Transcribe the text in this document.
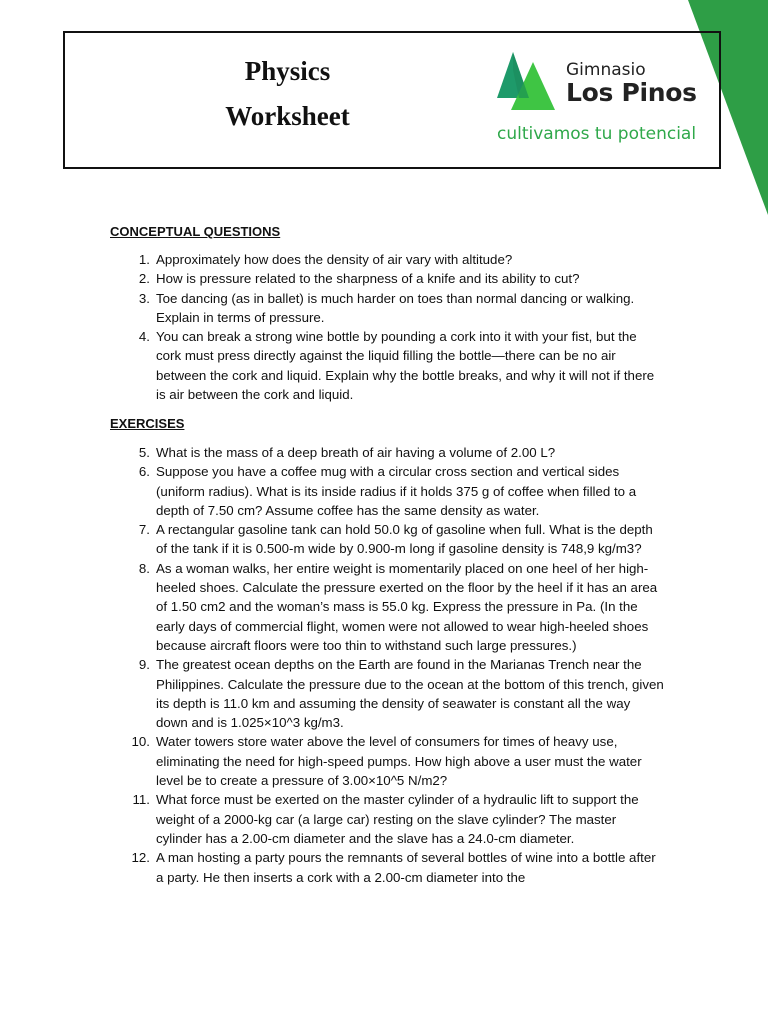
Physics
Worksheet
Gimnasio
Los Pinos
cultivamos tu potencial
CONCEPTUAL QUESTIONS
1. Approximately how does the density of air vary with altitude?
2. How is pressure related to the sharpness of a knife and its ability to cut?
3. Toe dancing (as in ballet) is much harder on toes than normal dancing or walking. Explain in terms of pressure.
4. You can break a strong wine bottle by pounding a cork into it with your fist, but the cork must press directly against the liquid filling the bottle—there can be no air between the cork and liquid. Explain why the bottle breaks, and why it will not if there is air between the cork and liquid.
EXERCISES
5. What is the mass of a deep breath of air having a volume of 2.00 L?
6. Suppose you have a coffee mug with a circular cross section and vertical sides (uniform radius). What is its inside radius if it holds 375 g of coffee when filled to a depth of 7.50 cm? Assume coffee has the same density as water.
7. A rectangular gasoline tank can hold 50.0 kg of gasoline when full. What is the depth of the tank if it is 0.500-m wide by 0.900-m long if gasoline density is 748,9 kg/m3?
8. As a woman walks, her entire weight is momentarily placed on one heel of her high-heeled shoes. Calculate the pressure exerted on the floor by the heel if it has an area of 1.50 cm2 and the woman’s mass is 55.0 kg. Express the pressure in Pa. (In the early days of commercial flight, women were not allowed to wear high-heeled shoes because aircraft floors were too thin to withstand such large pressures.)
9. The greatest ocean depths on the Earth are found in the Marianas Trench near the Philippines. Calculate the pressure due to the ocean at the bottom of this trench, given its depth is 11.0 km and assuming the density of seawater is constant all the way down and is 1.025×10^3 kg/m3.
10. Water towers store water above the level of consumers for times of heavy use, eliminating the need for high-speed pumps. How high above a user must the water level be to create a pressure of 3.00×10^5 N/m2?
11. What force must be exerted on the master cylinder of a hydraulic lift to support the weight of a 2000-kg car (a large car) resting on the slave cylinder? The master cylinder has a 2.00-cm diameter and the slave has a 24.0-cm diameter.
12. A man hosting a party pours the remnants of several bottles of wine into a bottle after a party. He then inserts a cork with a 2.00-cm diameter into the
